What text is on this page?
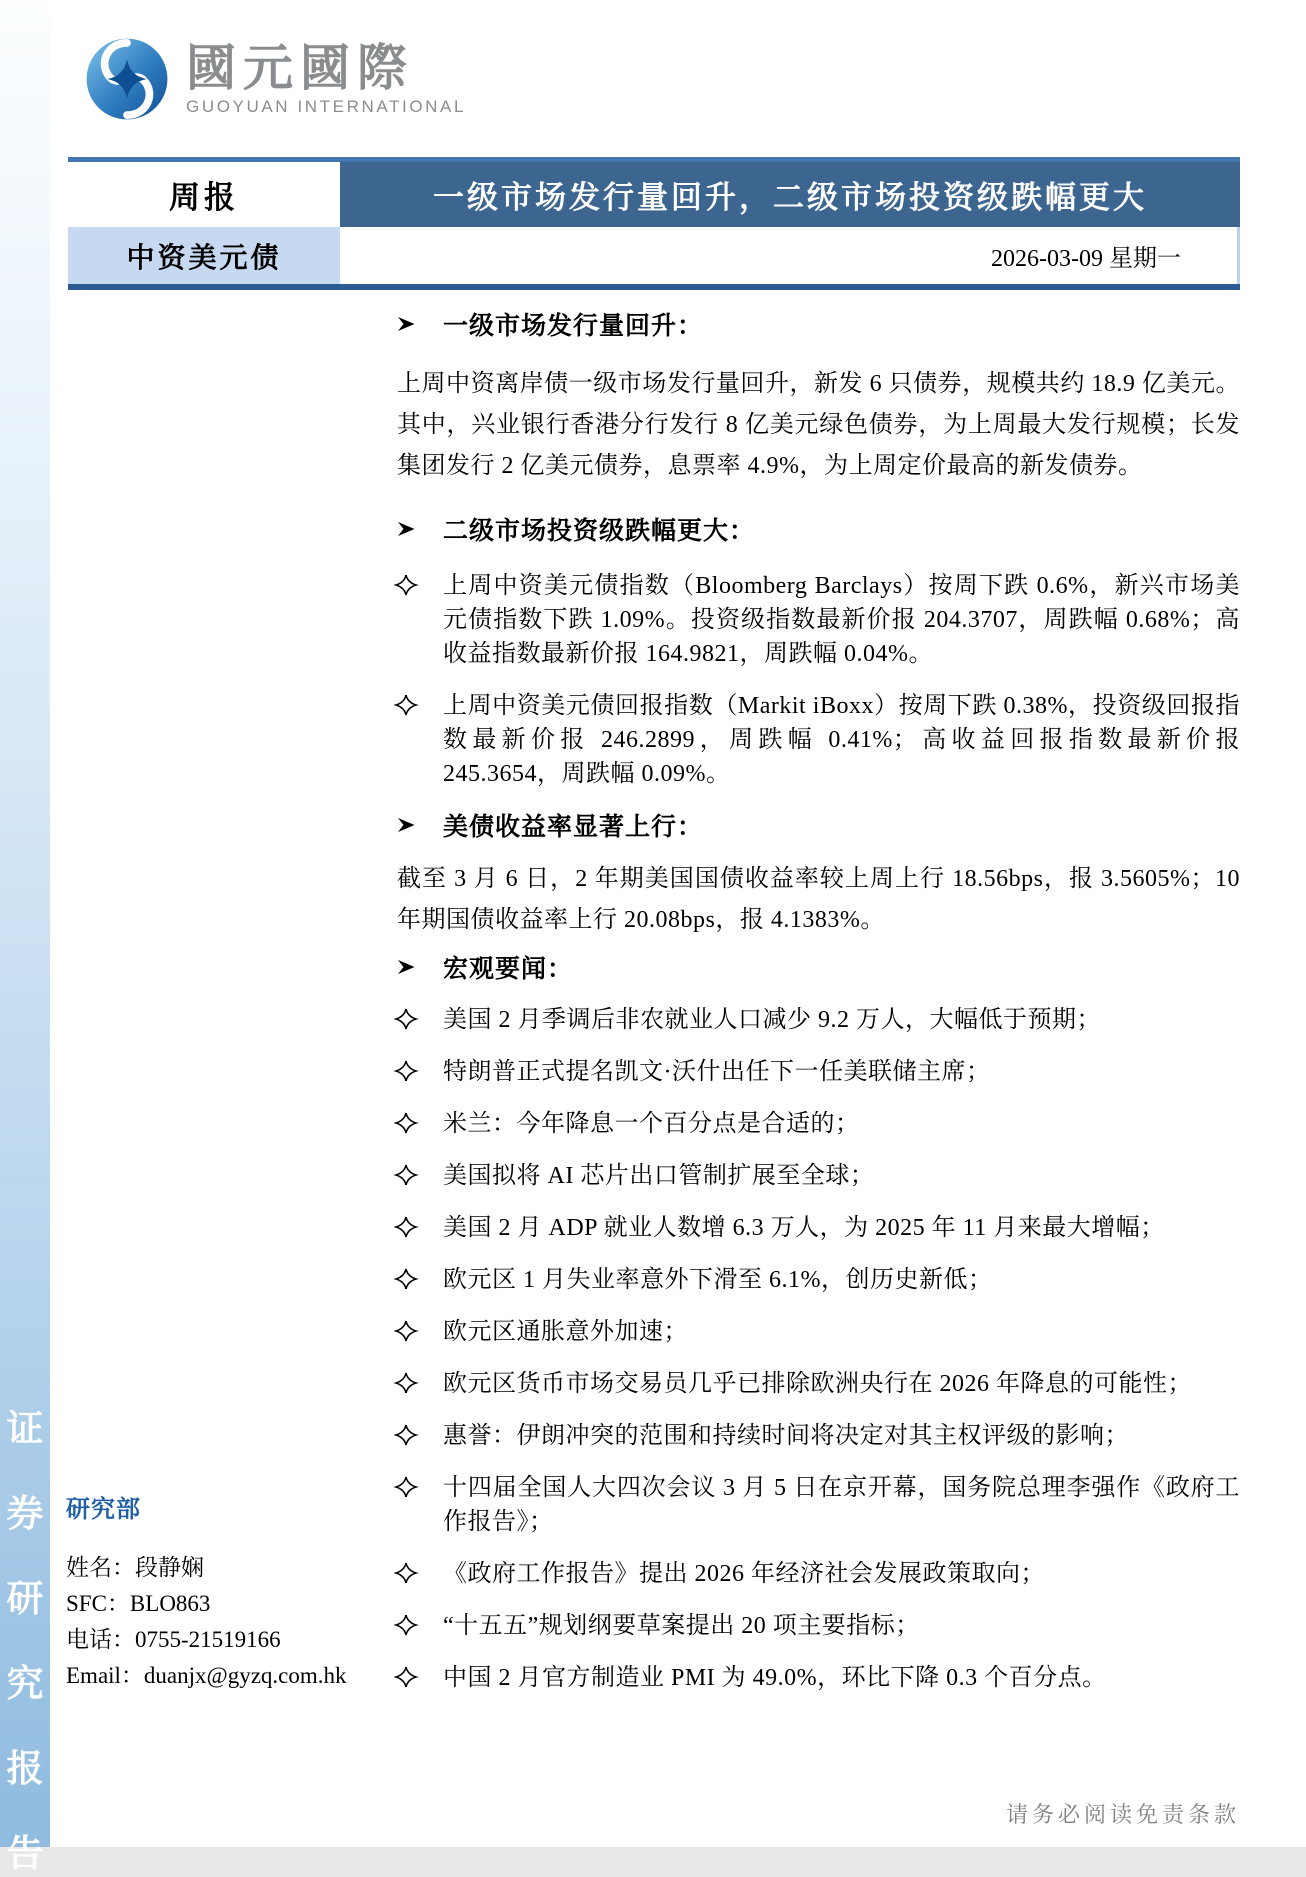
证
券
研
究
报
告
國元國際
GUOYUAN INTERNATIONAL
周报	一级市场发行量回升，二级市场投资级跌幅更大
中资美元债	2026-03-09 星期一
一级市场发行量回升：

上周中资离岸债一级市场发行量回升，新发 6 只债券，规模共约 18.9 亿美元。其中，兴业银行香港分行发行 8 亿美元绿色债券，为上周最大发行规模；长发集团发行 2 亿美元债券，息票率 4.9%，为上周定价最高的新发债券。

二级市场投资级跌幅更大：
上周中资美元债指数（Bloomberg Barclays）按周下跌 0.6%，新兴市场美元债指数下跌 1.09%。投资级指数最新价报 204.3707，周跌幅 0.68%；高收益指数最新价报 164.9821，周跌幅 0.04%。
上周中资美元债回报指数（Markit iBoxx）按周下跌 0.38%，投资级回报指数最新价报 246.2899，周跌幅 0.41%；高收益回报指数最新价报 245.3654，周跌幅 0.09%。
美债收益率显著上行：

截至 3 月 6 日，2 年期美国国债收益率较上周上行 18.56bps，报 3.5605%；10 年期国债收益率上行 20.08bps，报 4.1383%。

宏观要闻：
美国 2 月季调后非农就业人口减少 9.2 万人，大幅低于预期；
特朗普正式提名凯文·沃什出任下一任美联储主席；
米兰：今年降息一个百分点是合适的；
美国拟将 AI 芯片出口管制扩展至全球；
美国 2 月 ADP 就业人数增 6.3 万人，为 2025 年 11 月来最大增幅；
欧元区 1 月失业率意外下滑至 6.1%，创历史新低；
欧元区通胀意外加速；
欧元区货币市场交易员几乎已排除欧洲央行在 2026 年降息的可能性；
惠誉：伊朗冲突的范围和持续时间将决定对其主权评级的影响；
十四届全国人大四次会议 3 月 5 日在京开幕，国务院总理李强作《政府工作报告》；
《政府工作报告》提出 2026 年经济社会发展政策取向；
“十五五”规划纲要草案提出 20 项主要指标；
中国 2 月官方制造业 PMI 为 49.0%，环比下降 0.3 个百分点。
研究部
姓名：段静娴
SFC：BLO863
电话：0755-21519166
Email：duanjx@gyzq.com.hk
请务必阅读免责条款
